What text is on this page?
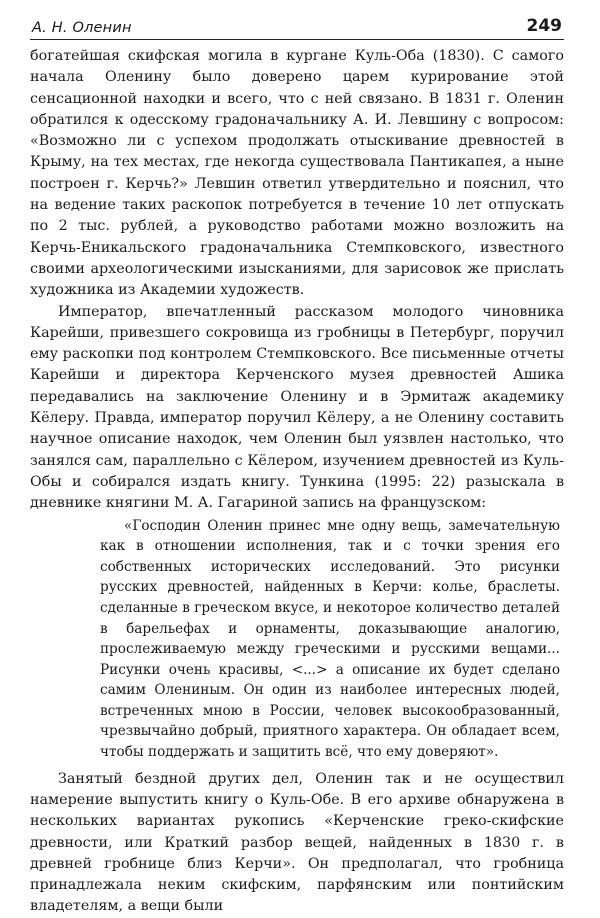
А. Н. Оленин	249

богатейшая скифская могила в кургане Куль-Оба (1830). С самого начала Оленину было доверено царем курирование этой сенсационной находки и всего, что с ней связано. В 1831 г. Оленин обратился к одесскому градоначальнику А. И. Левшину с вопросом: «Возможно ли с успехом продолжать отыскивание древностей в Крыму, на тех местах, где некогда существовала Пантикапея, а ныне построен г. Керчь?» Левшин ответил утвердительно и пояснил, что на ведение таких раскопок потребуется в течение 10 лет отпускать по 2 тыс. рублей, а руководство работами можно возложить на Керчь-Еникальского градоначальника Стемпковского, известного своими археологическими изысканиями, для зарисовок же прислать художника из Академии художеств.

Император, впечатленный рассказом молодого чиновника Карейши, привезшего сокровища из гробницы в Петербург, поручил ему раскопки под контролем Стемпковского. Все письменные отчеты Карейши и директора Керченского музея древностей Ашика передавались на заключение Оленину и в Эрмитаж академику Кёлеру. Правда, император поручил Кёлеру, а не Оленину составить научное описание находок, чем Оленин был уязвлен настолько, что занялся сам, параллельно с Кёлером, изучением древностей из Куль-Обы и собирался издать книгу. Тункина (1995: 22) разыскала в дневнике княгини М. А. Гагариной запись на французском:

«Господин Оленин принес мне одну вещь, замечательную как в отношении исполнения, так и с точки зрения его собственных исторических исследований. Это рисунки русских древностей, найденных в Керчи: колье, браслеты. сделанные в греческом вкусе, и некоторое количество деталей в барельефах и орнаменты, доказывающие аналогию, прослеживаемую между греческими и русскими вещами... Рисунки очень красивы, <...> а описание их будет сделано самим Олениным. Он один из наиболее интересных людей, встреченных мною в России, человек высокообразованный, чрезвычайно добрый, приятного характера. Он обладает всем, чтобы поддержать и защитить всё, что ему доверяют».

Занятый бездной других дел, Оленин так и не осуществил намерение выпустить книгу о Куль-Обе. В его архиве обнаружена в нескольких вариантах рукопись «Керченские греко-скифские древности, или Краткий разбор вещей, найденных в 1830 г. в древней гробнице близ Керчи». Он предполагал, что гробница принадлежала неким скифским, парфянским или понтийским владетелям, а вещи были
